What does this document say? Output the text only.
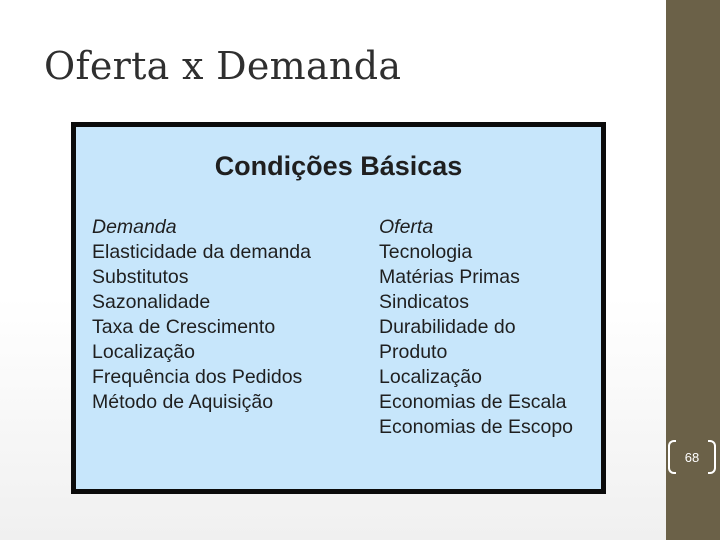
Oferta x Demanda
Condições Básicas
Demanda
Elasticidade da demanda
Substitutos
Sazonalidade
Taxa de Crescimento
Localização
Frequência dos Pedidos
Método de Aquisição
Oferta
Tecnologia
Matérias Primas
Sindicatos
Durabilidade do
Produto
Localização
Economias de Escala
Economias de Escopo
68
